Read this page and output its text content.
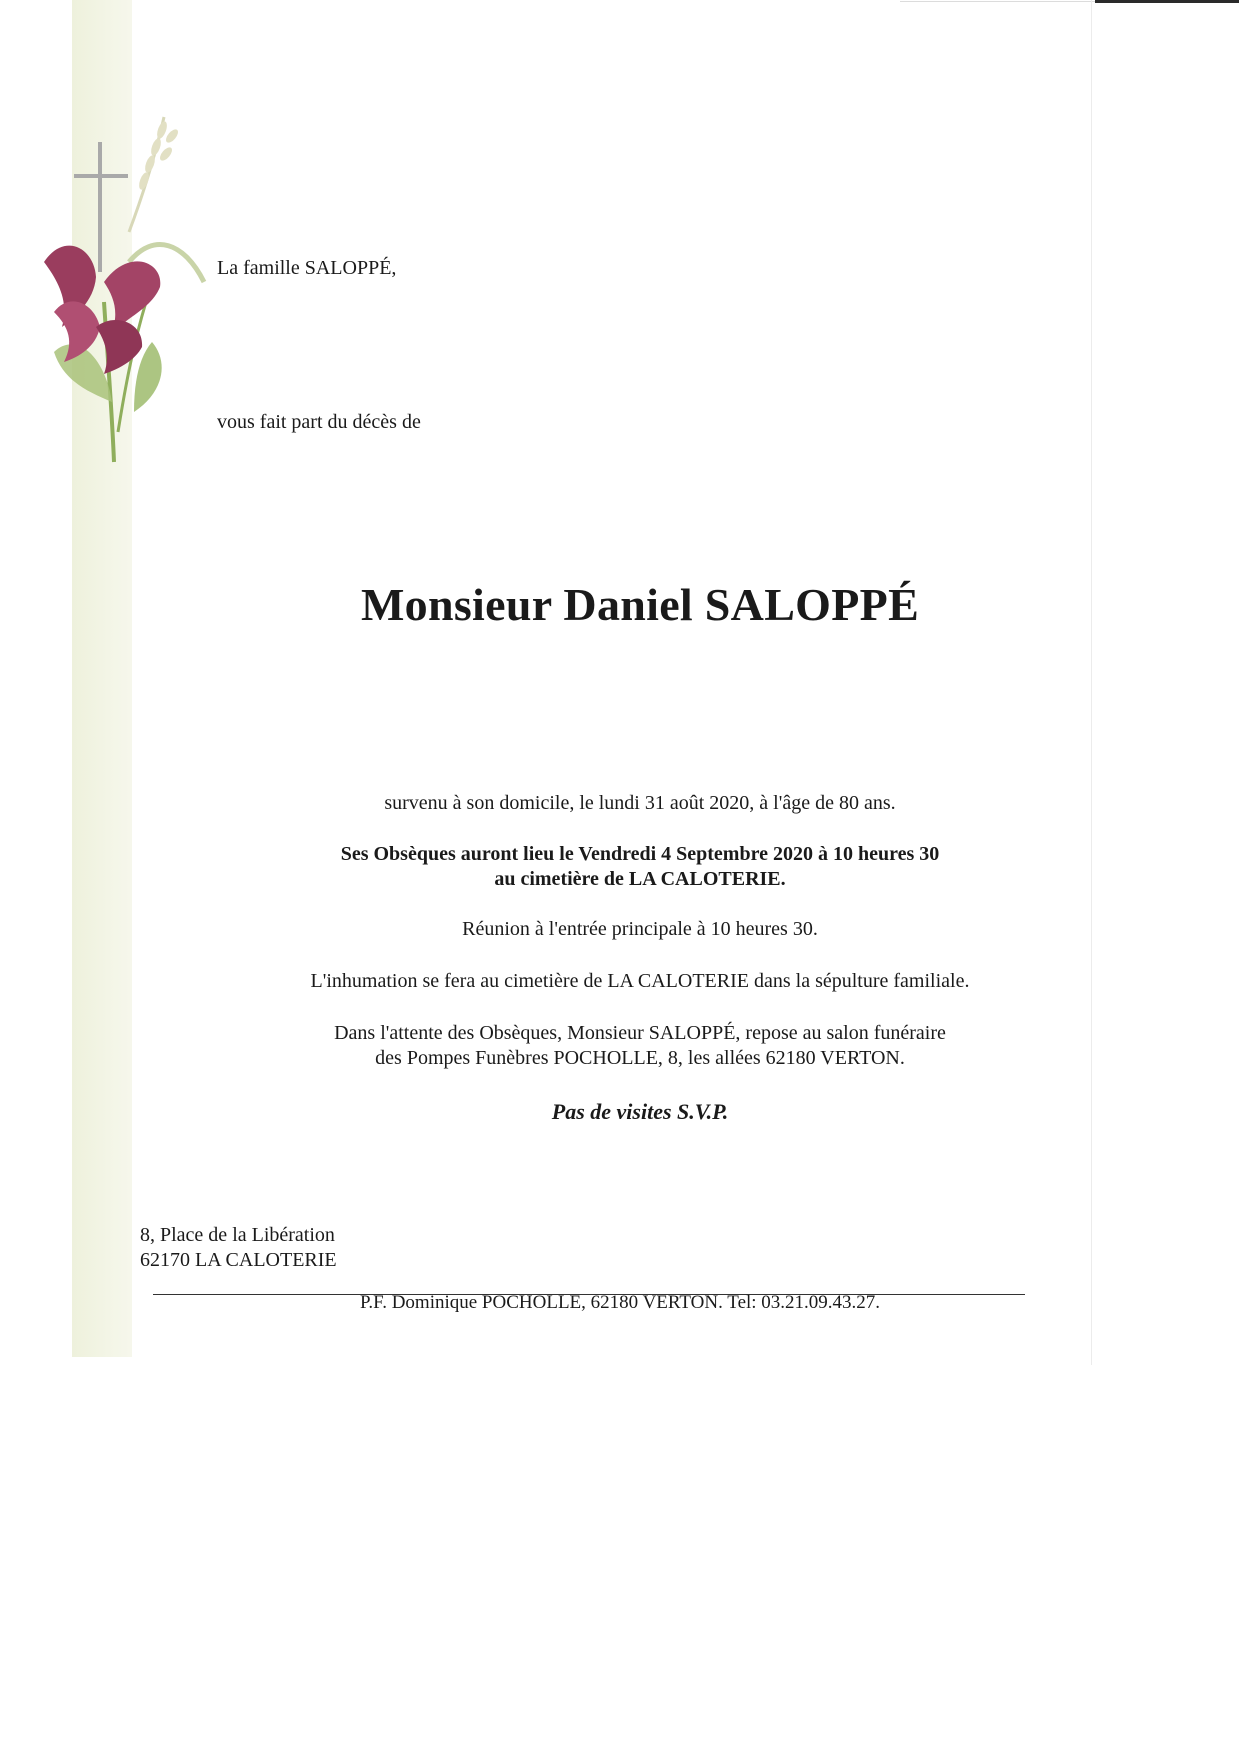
La famille SALOPPÉ,

vous fait part du décès de

Monsieur Daniel SALOPPÉ

survenu à son domicile, le lundi 31 août 2020, à l'âge de 80 ans.

Ses Obsèques auront lieu le Vendredi 4 Septembre 2020 à 10 heures 30

au cimetière de LA CALOTERIE.

Réunion à l'entrée principale à 10 heures 30.

L'inhumation se fera au cimetière de LA CALOTERIE dans la sépulture familiale.

Dans l'attente des Obsèques, Monsieur SALOPPÉ, repose au salon funéraire

des Pompes Funèbres POCHOLLE, 8, les allées 62180 VERTON.

Pas de visites S.V.P.

8, Place de la Libération

62170 LA CALOTERIE

P.F. Dominique POCHOLLE, 62180 VERTON. Tel: 03.21.09.43.27.
